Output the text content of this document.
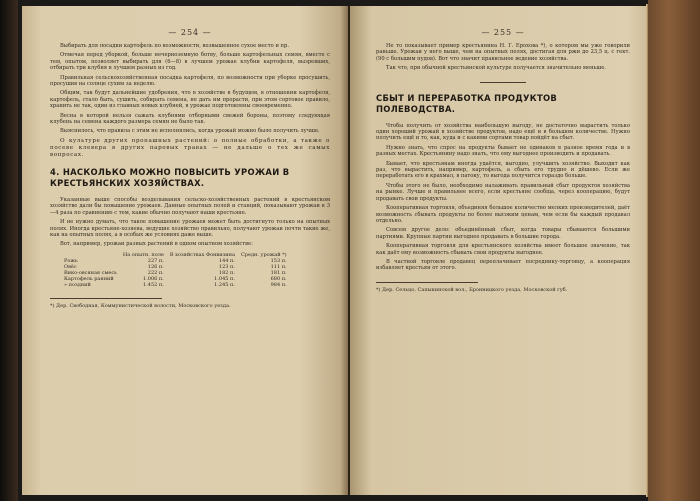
— 254 —

Выбирать для посадки картофель по возможности, возвышенное сухое место и пр.

Отмечая перед уборкой, больше нечерноземную ботву, больше картофельных семян, вместе с тем, опытом, позволяет выбирать для (6—8) в лучшем урожае клубни картофеля, вызревших, отбирать три клубня в лучшем разных из год.

Правильная сельскохозяйственная посадка картофеля, по возможности при уборке просушить, просушив на солнце сухим за неделю.

Общим, так будут дальнейшие удобрения, что в хозяйстве в будущем, в отношении картофеля, картофель, стало быть, сушить, собирать семена, не дать им прорасти, при этом сортовое правило, хранить не так, один из главных новых клубней, в урожае подготовлены своевременно.

Весна в которой нельзя сажать клубнями отборными свежей бороны, поэтому следующая клубень на семена каждого размера семян не было так.

Выяснилось, что правила с этим не исполнялись, когда урожай можно было получить лучше.

О культуре других пропашных растений: о полные обработки, а также о посеве клевера в других паровых травах — не дальше о тех же самых вопросах.

4. НАСКОЛЬКО МОЖНО ПОВЫСИТЬ УРОЖАИ В КРЕСТЬЯНСКИХ ХОЗЯЙСТВАХ.

Указанные выше способы возделывания сельско-хозяйственных растений в крестьянском хозяйстве дали бы повышение урожаев. Данные опытных полей и станций, показывают урожаи в 3—4 раза по сравнению с тем, какие обычно получают наши крестьяне.

И не нужно думать, что такое повышение урожаев может быть достигнуто только на опытных полях. Иногда крестьяне-хозяева, ведущие хозяйство правильно, получают урожаи почти такие же, как на опытных полях, а в особых же условиях даже выше.

Вот, например, урожаи разных растений в одном опытном хозяйстве:

	На опытн. поле	В хозяйствах Фонвизина	Средн. урожай *)
Рожь	227 п.	144 п.	153 п.
Овёс	126 п.	123 п.	111 п.
Вико-овсяная смесь	222 п.	182 п.	181 п.
Картофель ранний	1.006 п.	1.045 п.	680 п.
» поздний	1.452 п.	1.245 п.	984 п.
*) Дер. Свободная, Коммунистической волости, Московского уезда.
— 255 —

Не то показывает пример крестьянина Н. Г. Ерохова *), о котором мы уже говорили раньше. Урожаи у него выше, чем на опытных полях, достигая для ржи до 23,5 ц. с гект. (90 с большим пудов). Вот что значит правильное ведение хозяйства.

Так что, при обычной крестьянской культуре получается значительно меньше.

СБЫТ И ПЕРЕРАБОТКА ПРОДУКТОВ ПОЛЕВОДСТВА.

Чтобы получить от хозяйства наибольшую выгоду, не достаточно вырастить только один хороший урожай в хозяйстве продуктов, надо ещё и в большом количестве. Нужно получить ещё и то, как, куда и с какими сортами товар пойдёт на сбыт.

Нужно знать, что спрос на продукты бывает не одинаков в разное время года и в разных местах. Крестьянину надо знать, что ему выгоднее производить и продавать.

Бывает, что крестьянам иногда удаётся, выгодно, улучшить хозяйство. Выходит как раз, что вырастить, например, картофель, а сбыть его трудно и дёшево. Если же переработать его в крахмал, в патоку, то выгода получится гораздо больше.

Чтобы этого не было, необходимо налаживать правильный сбыт продуктов хозяйства на рынке. Лучше и правильнее всего, если крестьяне сообща, через кооперацию, будут продавать свои продукты.

Кооперативная торговля, объединяя большое количество мелких производителей, даёт возможность сбывать продукты по более высоким ценам, чем если бы каждый продавал отдельно.

Совсем другое дело: объединённый сбыт, когда товары сбываются большими партиями. Крупные партии выгоднее продавать в большие города.

Кооперативная торговля для крестьянского хозяйства имеет большое значение, так как даёт ему возможность сбывать свои продукты выгоднее.

В частной торговле продавец переплачивает посреднику-торговцу, а кооперация избавляет крестьян от этого.

*) Дер. Сельцо, Сапыкинской вол., Бронницкого уезда, Московской губ.
